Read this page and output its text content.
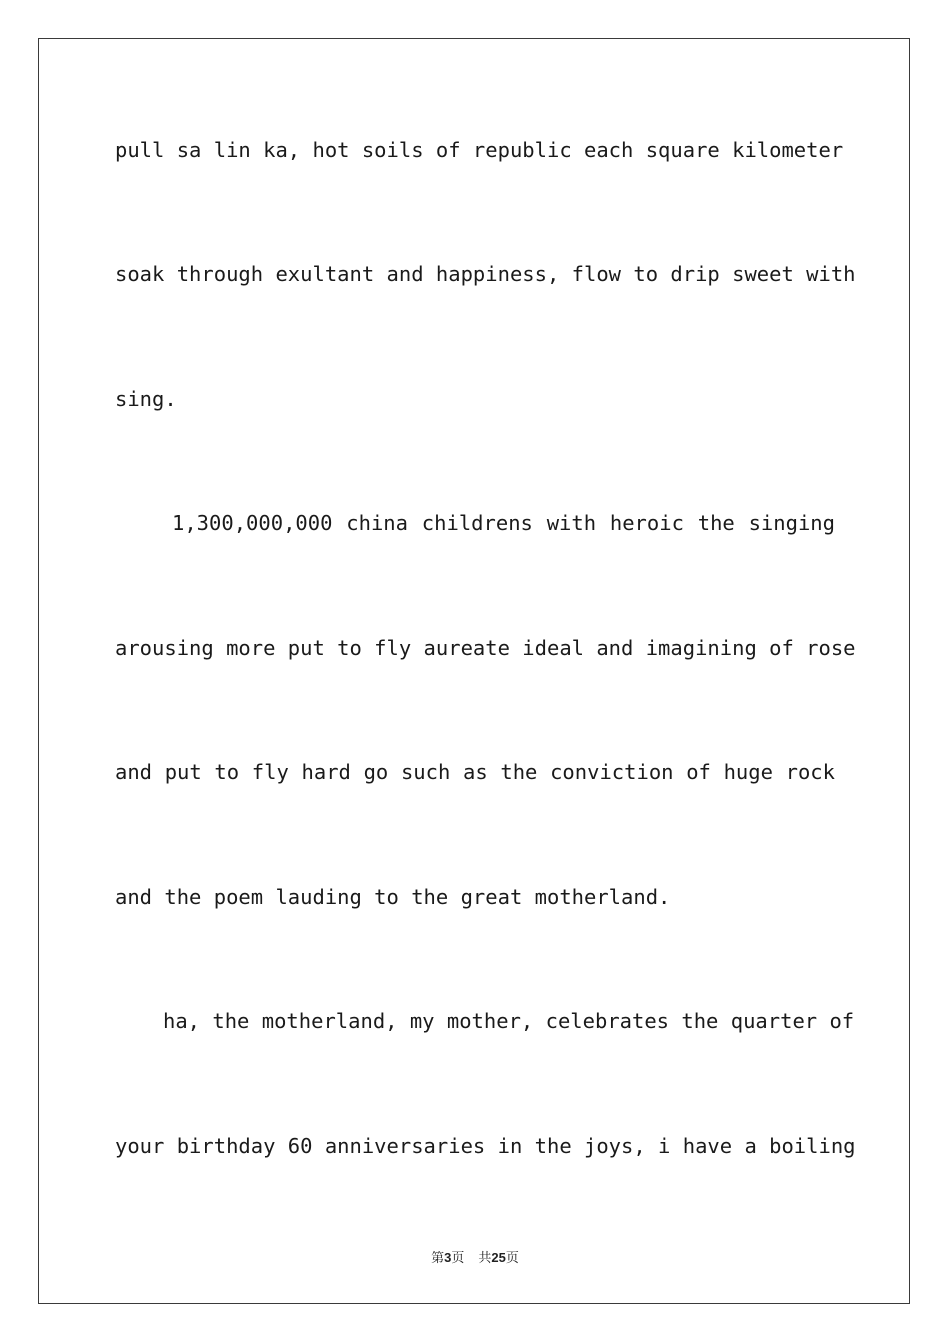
pull sa lin ka, hot soils of republic each square kilometer
soak through exultant and happiness, flow to drip sweet with
sing.
1,300,000,000 china childrens with heroic the singing
arousing more put to fly aureate ideal and imagining of rose
and put to fly hard go such as the conviction of huge rock
and the poem lauding to the great motherland.
ha, the motherland, my mother, celebrates the quarter of
your birthday 60 anniversaries in the joys, i have a boiling
第3页 共25页
